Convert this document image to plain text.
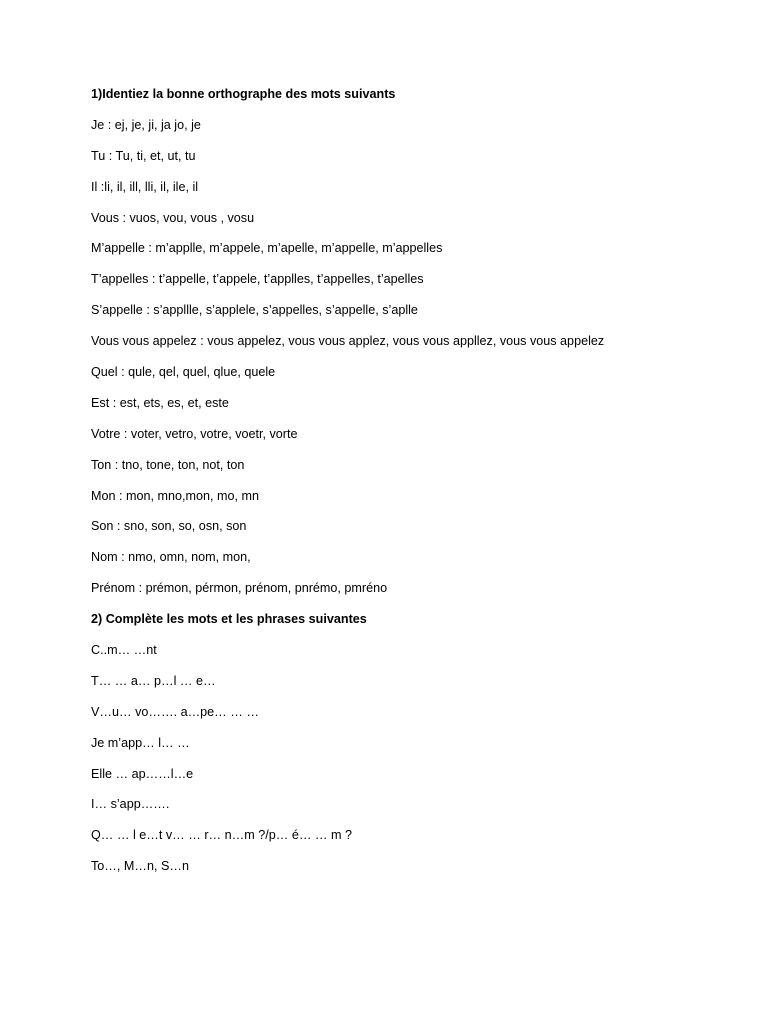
1)Identiez la bonne orthographe des mots suivants
Je : ej, je, ji, ja jo, je
Tu : Tu, ti, et, ut, tu
Il :li, il, ill, lli, il, ile, il
Vous : vuos, vou, vous , vosu
M’appelle : m’applle, m’appele, m’apelle, m’appelle, m’appelles
T’appelles : t’appelle, t’appele, t’applles, t’appelles, t’apelles
S’appelle : s’appllle, s’applele, s’appelles, s’appelle, s’aplle
Vous vous appelez : vous appelez, vous vous applez, vous vous appllez, vous vous appelez
Quel : qule, qel, quel, qlue, quele
Est : est, ets, es, et, este
Votre : voter, vetro, votre, voetr, vorte
Ton : tno, tone, ton, not, ton
Mon : mon, mno,mon, mo, mn
Son : sno, son, so, osn, son
Nom : nmo, omn, nom, mon,
Prénom : prémon, pérmon, prénom, pnrémo, pmréno
2) Complète les mots et les phrases suivantes
C..m… …nt
T… … a… p…l … e…
V…u… vo……. a…pe… … …
Je m’app… l… …
Elle … ap……l…e
I… s’app…….
Q… … l e…t v… … r… n…m ?/p… é… … m ?
To…, M…n, S…n
